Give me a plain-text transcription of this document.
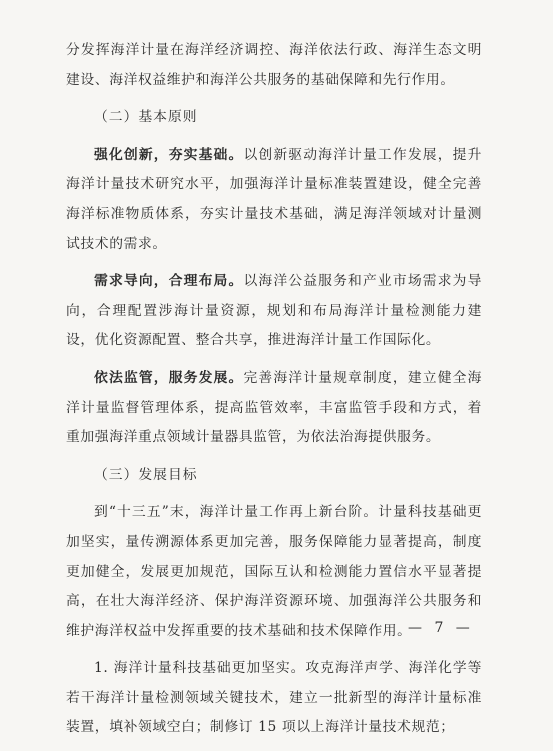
分发挥海洋计量在海洋经济调控、海洋依法行政、海洋生态文明建设、海洋权益维护和海洋公共服务的基础保障和先行作用。

（二）基本原则

强化创新，夯实基础。以创新驱动海洋计量工作发展，提升海洋计量技术研究水平，加强海洋计量标准装置建设，健全完善海洋标准物质体系，夯实计量技术基础，满足海洋领域对计量测试技术的需求。

需求导向，合理布局。以海洋公益服务和产业市场需求为导向，合理配置涉海计量资源，规划和布局海洋计量检测能力建设，优化资源配置、整合共享，推进海洋计量工作国际化。

依法监管，服务发展。完善海洋计量规章制度，建立健全海洋计量监督管理体系，提高监管效率，丰富监管手段和方式，着重加强海洋重点领域计量器具监管，为依法治海提供服务。

（三）发展目标

到“十三五”末，海洋计量工作再上新台阶。计量科技基础更加坚实，量传溯源体系更加完善，服务保障能力显著提高，制度更加健全，发展更加规范，国际互认和检测能力置信水平显著提高，在壮大海洋经济、保护海洋资源环境、加强海洋公共服务和维护海洋权益中发挥重要的技术基础和技术保障作用。

1. 海洋计量科技基础更加坚实。攻克海洋声学、海洋化学等若干海洋计量检测领域关键技术，建立一批新型的海洋计量标准装置，填补领域空白；制修订 15 项以上海洋计量技术规范；

— 7 —
